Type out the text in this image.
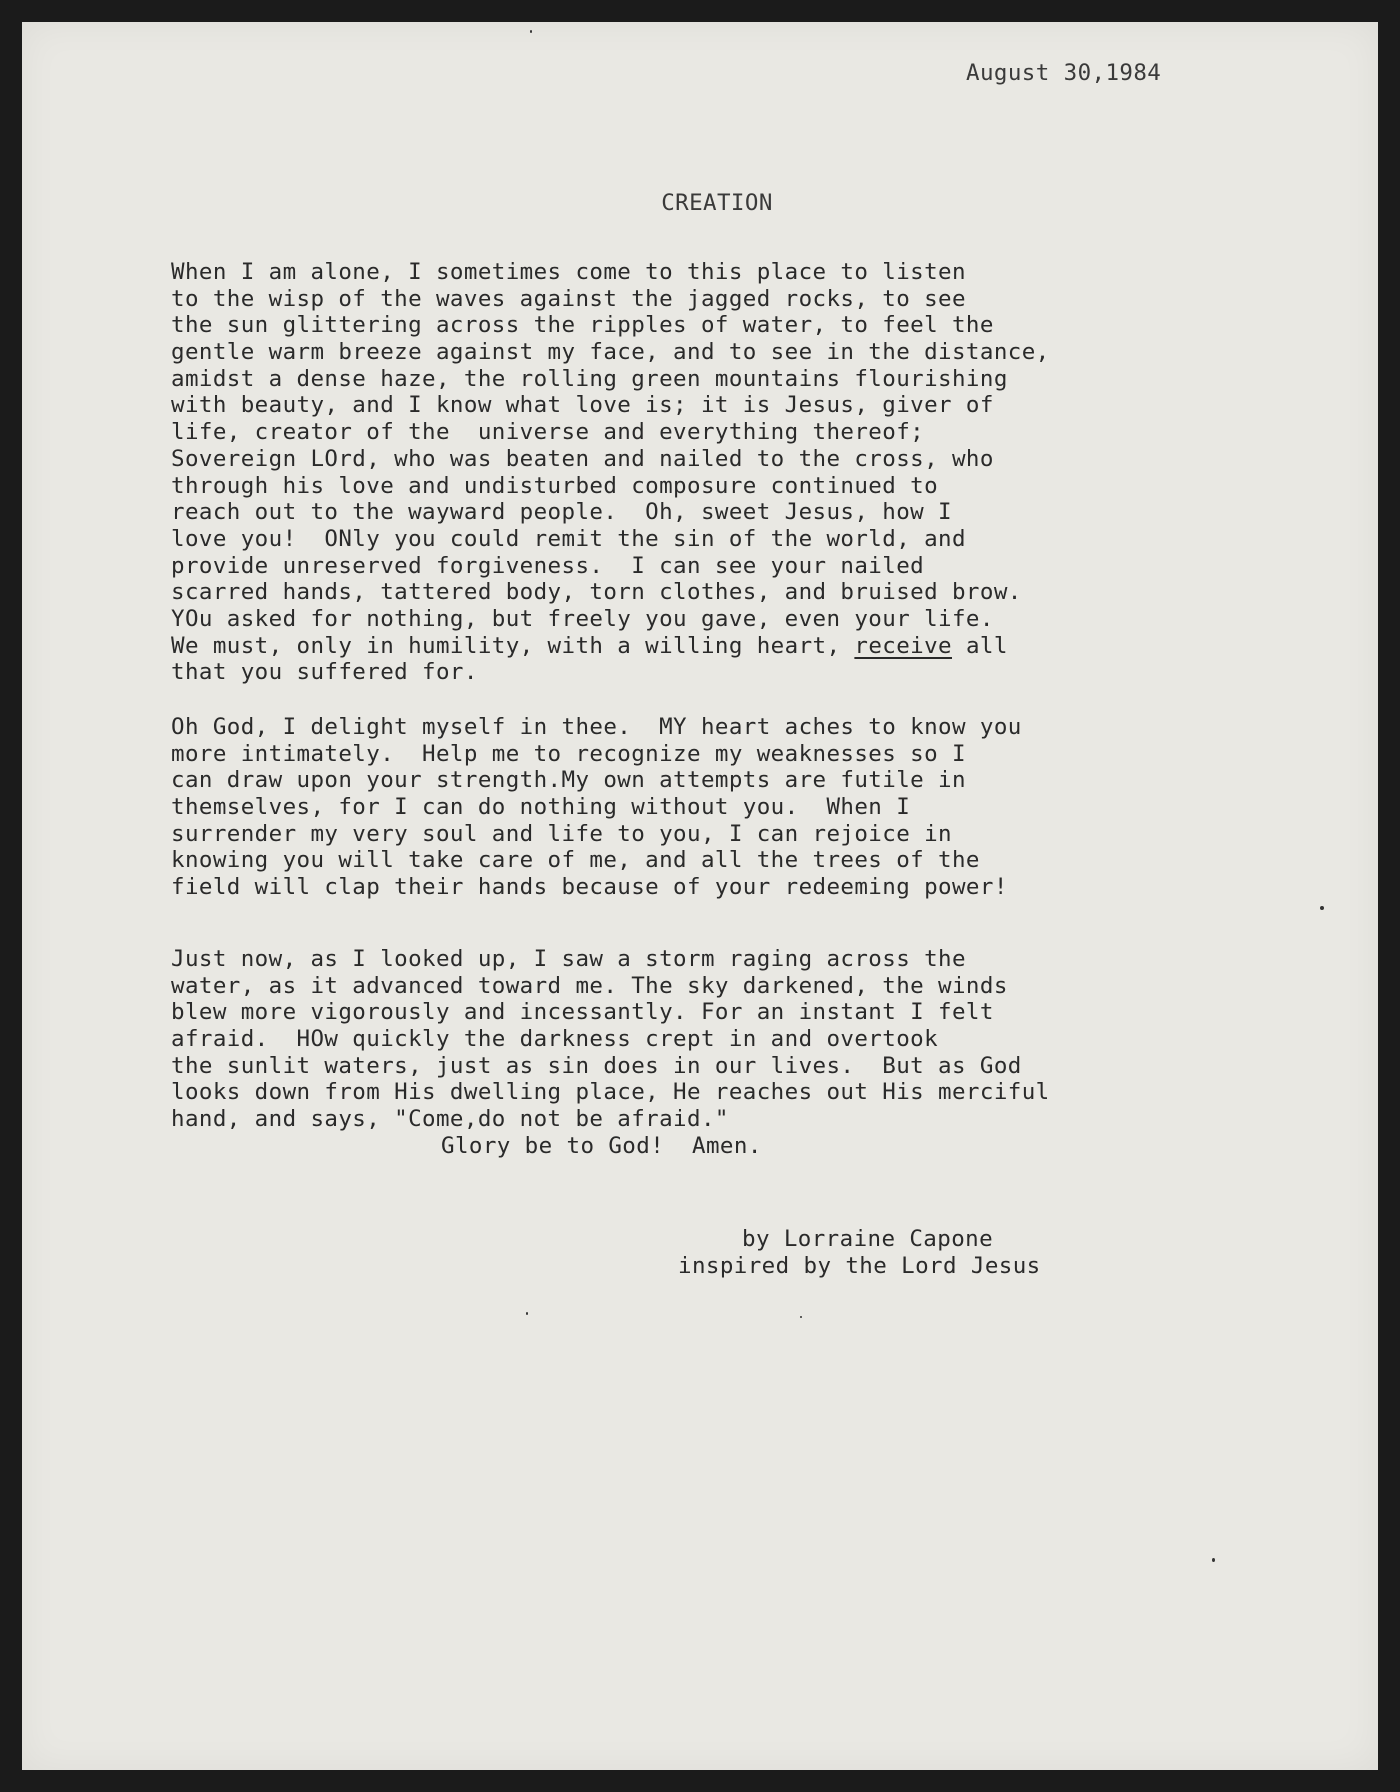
August 30,1984
CREATION
When I am alone, I sometimes come to this place to listen
to the wisp of the waves against the jagged rocks, to see
the sun glittering across the ripples of water, to feel the
gentle warm breeze against my face, and to see in the distance,
amidst a dense haze, the rolling green mountains flourishing
with beauty, and I know what love is; it is Jesus, giver of
life, creator of the  universe and everything thereof;
Sovereign LOrd, who was beaten and nailed to the cross, who
through his love and undisturbed composure continued to
reach out to the wayward people.  Oh, sweet Jesus, how I
love you!  ONly you could remit the sin of the world, and
provide unreserved forgiveness.  I can see your nailed
scarred hands, tattered body, torn clothes, and bruised brow.
YOu asked for nothing, but freely you gave, even your life.
We must, only in humility, with a willing heart, receive all
that you suffered for.
Oh God, I delight myself in thee.  MY heart aches to know you
more intimately.  Help me to recognize my weaknesses so I
can draw upon your strength.My own attempts are futile in
themselves, for I can do nothing without you.  When I
surrender my very soul and life to you, I can rejoice in
knowing you will take care of me, and all the trees of the
field will clap their hands because of your redeeming power!
Just now, as I looked up, I saw a storm raging across the
water, as it advanced toward me. The sky darkened, the winds
blew more vigorously and incessantly. For an instant I felt
afraid.  HOw quickly the darkness crept in and overtook
the sunlit waters, just as sin does in our lives.  But as God
looks down from His dwelling place, He reaches out His merciful
hand, and says, "Come,do not be afraid."
Glory be to God!  Amen.
by Lorraine Capone
inspired by the Lord Jesus
